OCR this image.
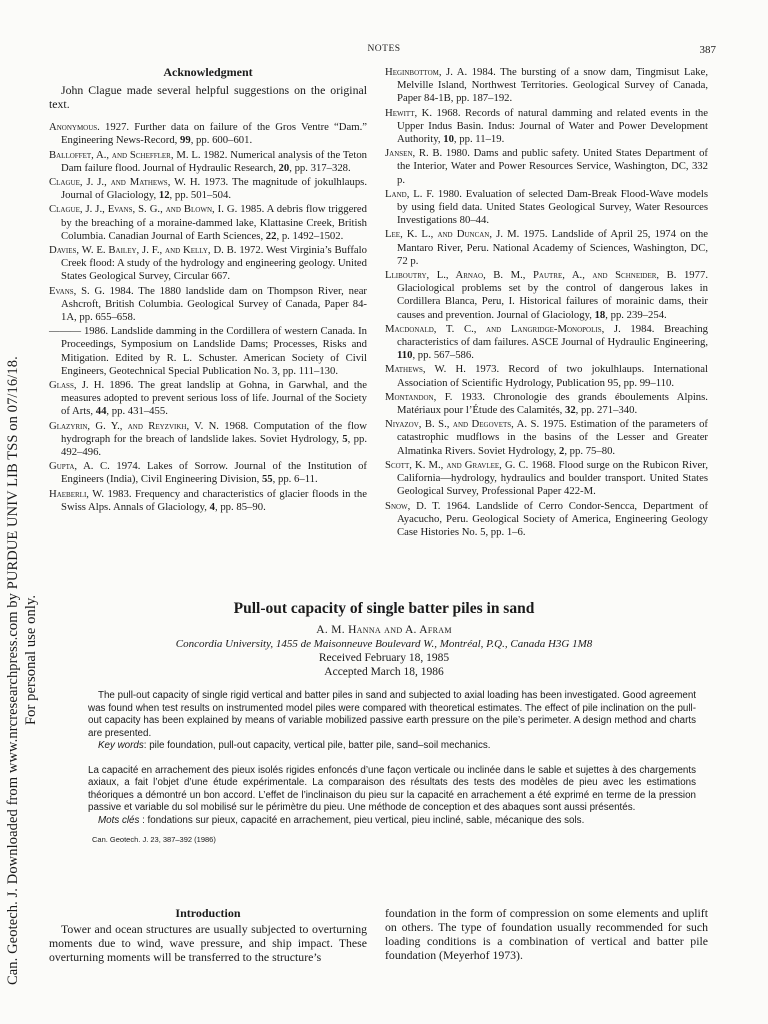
Can. Geotech. J. Downloaded from www.nrcresearchpress.com by PURDUE UNIV LIB TSS on 07/16/18. For personal use only.
NOTES	387
Acknowledgment

John Clague made several helpful suggestions on the original text.

Anonymous. 1927. Further data on failure of the Gros Ventre “Dam.” Engineering News-Record, 99, pp. 600–601.
Balloffet, A., and Scheffler, M. L. 1982. Numerical analysis of the Teton Dam failure flood. Journal of Hydraulic Research, 20, pp. 317–328.
Clague, J. J., and Mathews, W. H. 1973. The magnitude of jokulhlaups. Journal of Glaciology, 12, pp. 501–504.
Clague, J. J., Evans, S. G., and Blown, I. G. 1985. A debris flow triggered by the breaching of a moraine-dammed lake, Klattasine Creek, British Columbia. Canadian Journal of Earth Sciences, 22, p. 1492–1502.
Davies, W. E. Bailey, J. F., and Kelly, D. B. 1972. West Virginia’s Buffalo Creek flood: A study of the hydrology and engineering geology. United States Geological Survey, Circular 667.
Evans, S. G. 1984. The 1880 landslide dam on Thompson River, near Ashcroft, British Columbia. Geological Survey of Canada, Paper 84-1A, pp. 655–658.
——— 1986. Landslide damming in the Cordillera of western Canada. In Proceedings, Symposium on Landslide Dams; Processes, Risks and Mitigation. Edited by R. L. Schuster. American Society of Civil Engineers, Geotechnical Special Publication No. 3, pp. 111–130.
Glass, J. H. 1896. The great landslip at Gohna, in Garwhal, and the measures adopted to prevent serious loss of life. Journal of the Society of Arts, 44, pp. 431–455.
Glazyrin, G. Y., and Reyzvikh, V. N. 1968. Computation of the flow hydrograph for the breach of landslide lakes. Soviet Hydrology, 5, pp. 492–496.
Gupta, A. C. 1974. Lakes of Sorrow. Journal of the Institution of Engineers (India), Civil Engineering Division, 55, pp. 6–11.
Haeberli, W. 1983. Frequency and characteristics of glacier floods in the Swiss Alps. Annals of Glaciology, 4, pp. 85–90.
Heginbottom, J. A. 1984. The bursting of a snow dam, Tingmisut Lake, Melville Island, Northwest Territories. Geological Survey of Canada, Paper 84-1B, pp. 187–192.
Hewitt, K. 1968. Records of natural damming and related events in the Upper Indus Basin. Indus: Journal of Water and Power Development Authority, 10, pp. 11–19.
Jansen, R. B. 1980. Dams and public safety. United States Department of the Interior, Water and Power Resources Service, Washington, DC, 332 p.
Land, L. F. 1980. Evaluation of selected Dam-Break Flood-Wave models by using field data. United States Geological Survey, Water Resources Investigations 80–44.
Lee, K. L., and Duncan, J. M. 1975. Landslide of April 25, 1974 on the Mantaro River, Peru. National Academy of Sciences, Washington, DC, 72 p.
Lliboutry, L., Arnao, B. M., Pautre, A., and Schneider, B. 1977. Glaciological problems set by the control of dangerous lakes in Cordillera Blanca, Peru, I. Historical failures of morainic dams, their causes and prevention. Journal of Glaciology, 18, pp. 239–254.
Macdonald, T. C., and Langridge-Monopolis, J. 1984. Breaching characteristics of dam failures. ASCE Journal of Hydraulic Engineering, 110, pp. 567–586.
Mathews, W. H. 1973. Record of two jokulhlaups. International Association of Scientific Hydrology, Publication 95, pp. 99–110.
Montandon, F. 1933. Chronologie des grands éboulements Alpins. Matériaux pour l’Étude des Calamités, 32, pp. 271–340.
Niyazov, B. S., and Degovets, A. S. 1975. Estimation of the parameters of catastrophic mudflows in the basins of the Lesser and Greater Almatinka Rivers. Soviet Hydrology, 2, pp. 75–80.
Scott, K. M., and Gravlee, G. C. 1968. Flood surge on the Rubicon River, California—hydrology, hydraulics and boulder transport. United States Geological Survey, Professional Paper 422-M.
Snow, D. T. 1964. Landslide of Cerro Condor-Sencca, Department of Ayacucho, Peru. Geological Society of America, Engineering Geology Case Histories No. 5, pp. 1–6.
Pull-out capacity of single batter piles in sand
A. M. Hanna and A. Afram
Concordia University, 1455 de Maisonneuve Boulevard W., Montréal, P.Q., Canada H3G 1M8
Received February 18, 1985
Accepted March 18, 1986

The pull-out capacity of single rigid vertical and batter piles in sand and subjected to axial loading has been investigated. Good agreement was found when test results on instrumented model piles were compared with theoretical estimates. The effect of pile inclination on the pull-out capacity has been explained by means of variable mobilized passive earth pressure on the pile’s perimeter. A design method and charts are presented.

Key words: pile foundation, pull-out capacity, vertical pile, batter pile, sand–soil mechanics.

La capacité en arrachement des pieux isolés rigides enfoncés d’une façon verticale ou inclinée dans le sable et sujettes à des chargements axiaux, a fait l’objet d’une étude expérimentale. La comparaison des résultats des tests des modèles de pieu avec les estimations théoriques a démontré un bon accord. L’effet de l’inclinaison du pieu sur la capacité en arrachement a été exprimé en terme de la pression passive et variable du sol mobilisé sur le périmètre du pieu. Une méthode de conception et des abaques sont aussi présentés.

Mots clés : fondations sur pieux, capacité en arrachement, pieu vertical, pieu incliné, sable, mécanique des sols.

Can. Geotech. J. 23, 387–392 (1986)
Introduction

Tower and ocean structures are usually subjected to overturning moments due to wind, wave pressure, and ship impact. These overturning moments will be transferred to the structure’s

foundation in the form of compression on some elements and uplift on others. The type of foundation usually recommended for such loading conditions is a combination of vertical and batter pile foundation (Meyerhof 1973).
